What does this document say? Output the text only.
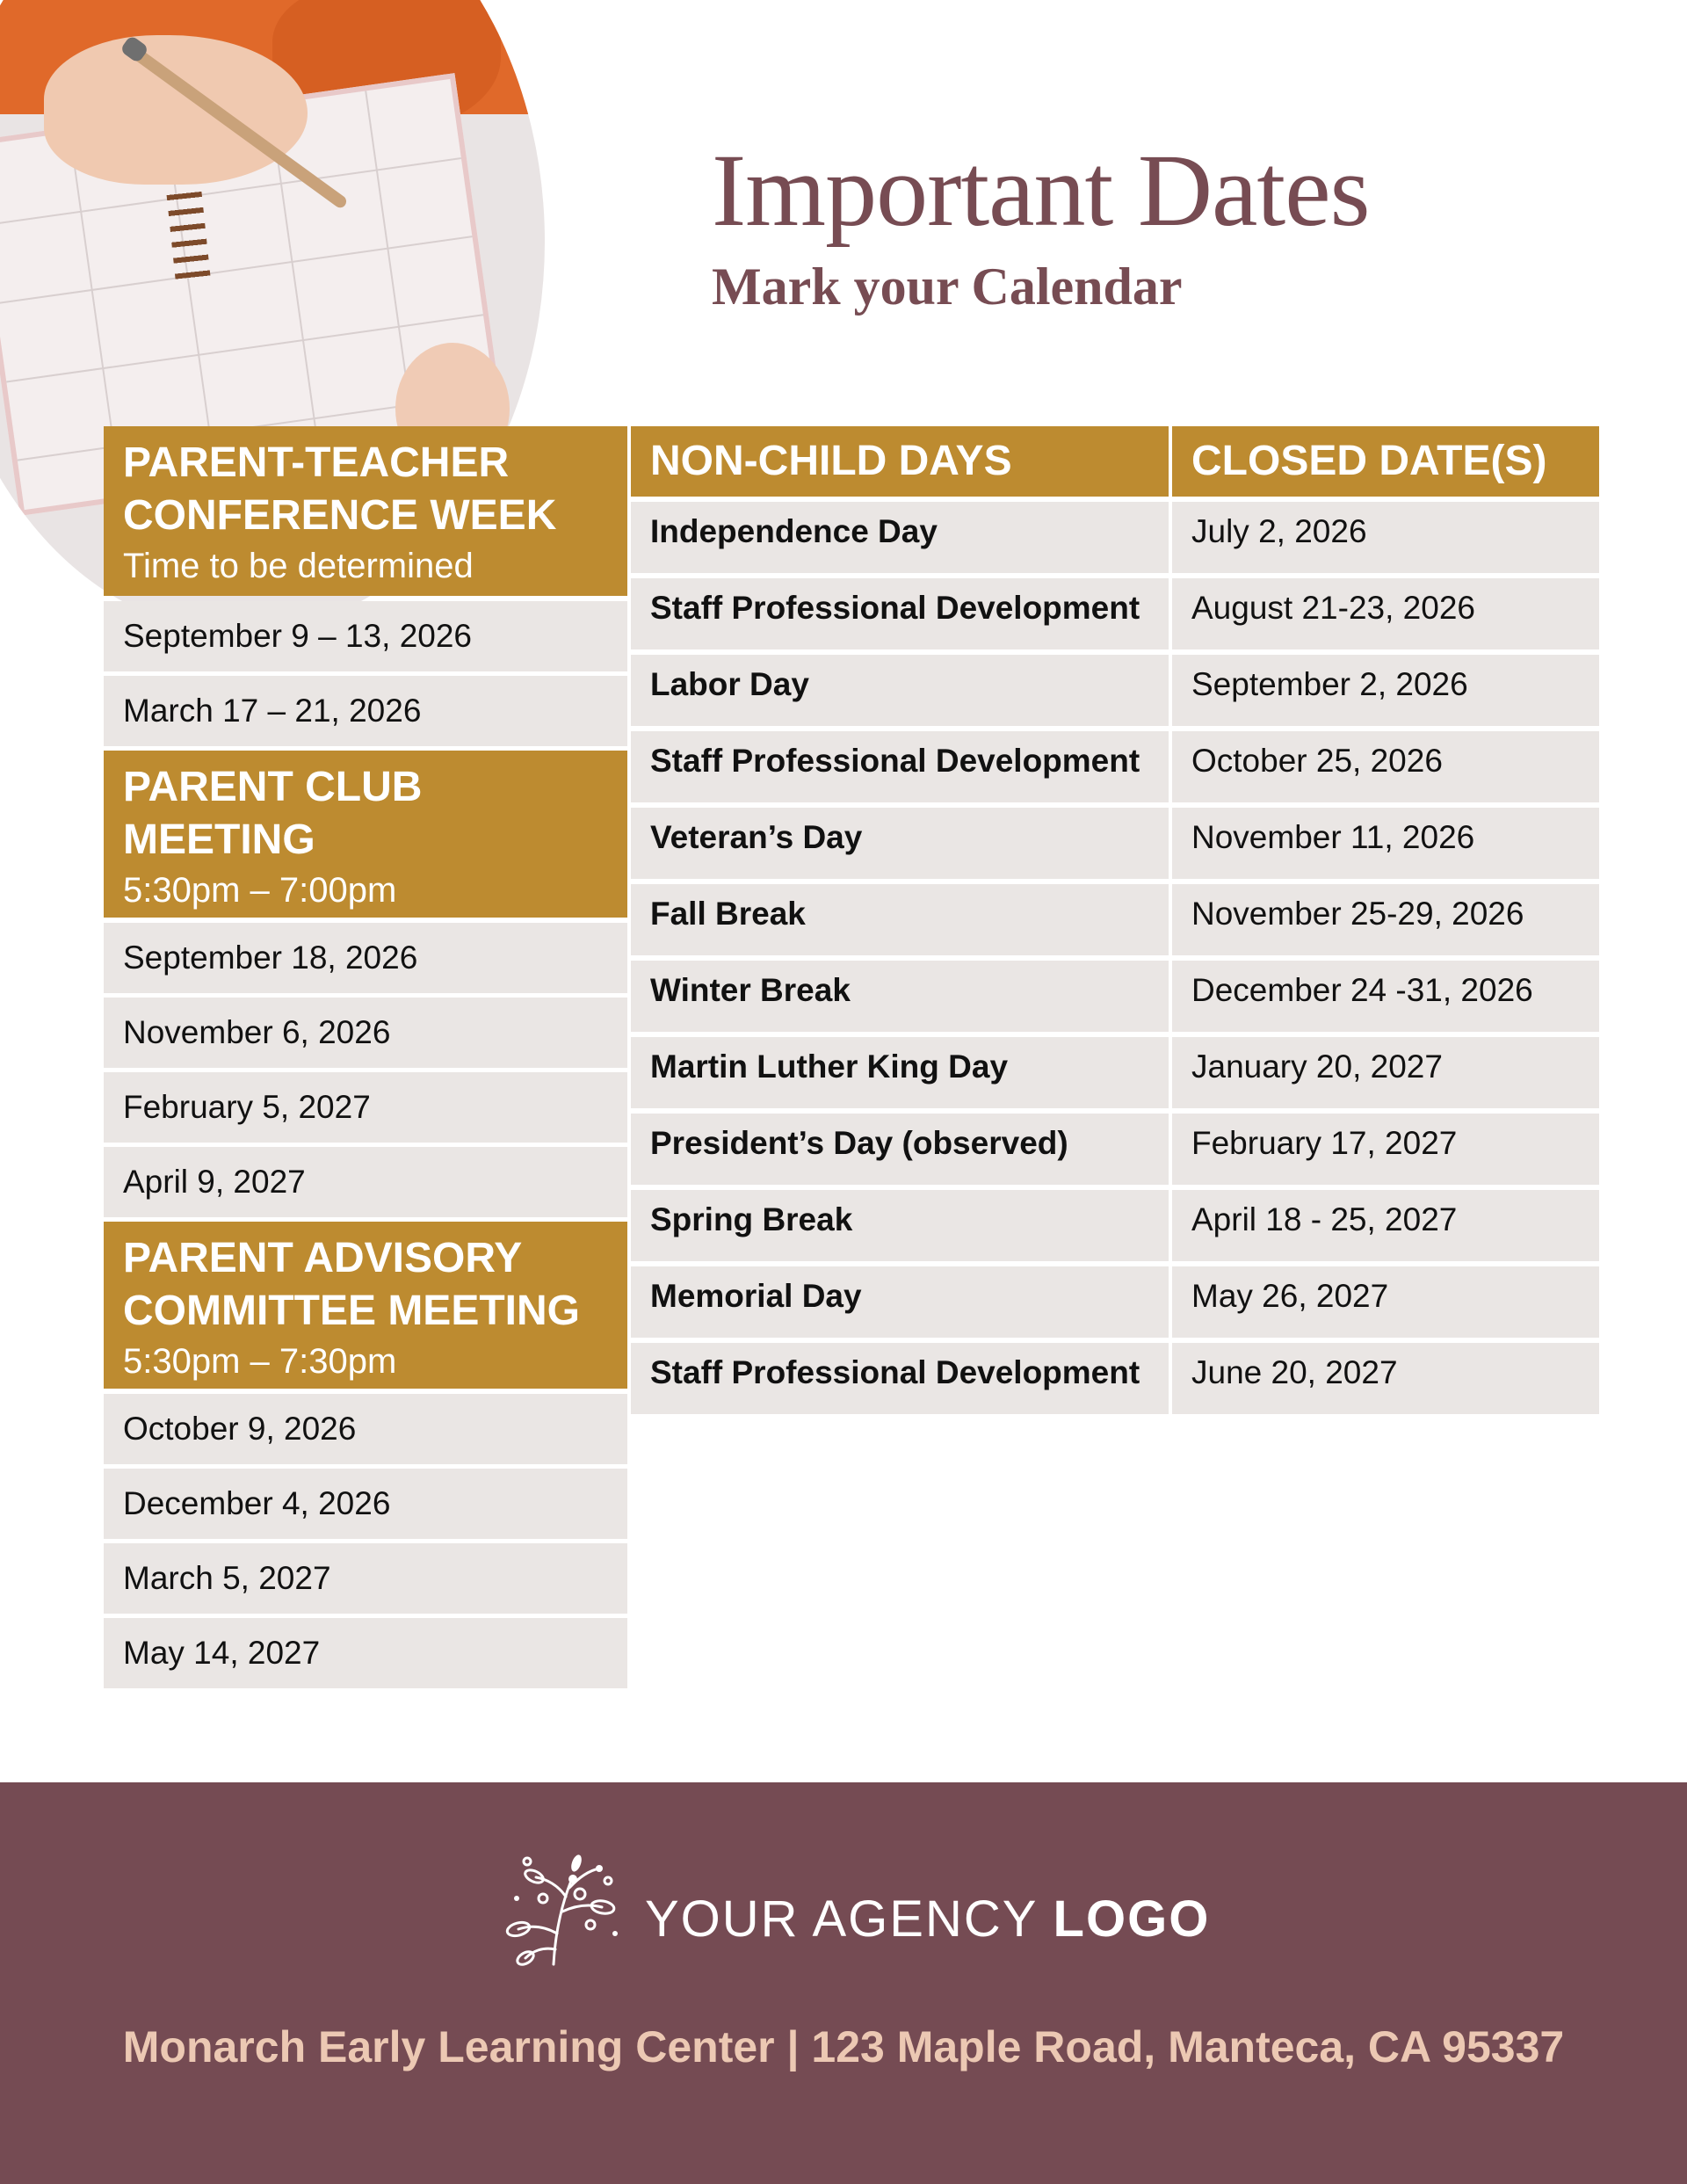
Important Dates
Mark your Calendar
PARENT-TEACHER
CONFERENCE WEEK
Time to be determined
September 9 – 13, 2026
March 17 – 21, 2026
PARENT CLUB
MEETING
5:30pm – 7:00pm
September 18, 2026
November 6, 2026
February 5, 2027
April 9, 2027
PARENT ADVISORY
COMMITTEE MEETING
5:30pm – 7:30pm
October 9, 2026
December 4, 2026
March 5, 2027
May 14, 2027
NON-CHILD DAYS	CLOSED DATE(S)
Independence Day	July 2, 2026
Staff Professional Development	August 21-23, 2026
Labor Day	September 2, 2026
Staff Professional Development	October 25, 2026
Veteran’s Day	November 11, 2026
Fall Break	November 25-29, 2026
Winter Break	December 24 -31, 2026
Martin Luther King Day	January 20, 2027
President’s Day (observed)	February 17, 2027
Spring Break	April 18 - 25, 2027
Memorial Day	May 26, 2027
Staff Professional Development	June 20, 2027
YOUR AGENCY LOGO
Monarch Early Learning Center | 123 Maple Road, Manteca, CA 95337
